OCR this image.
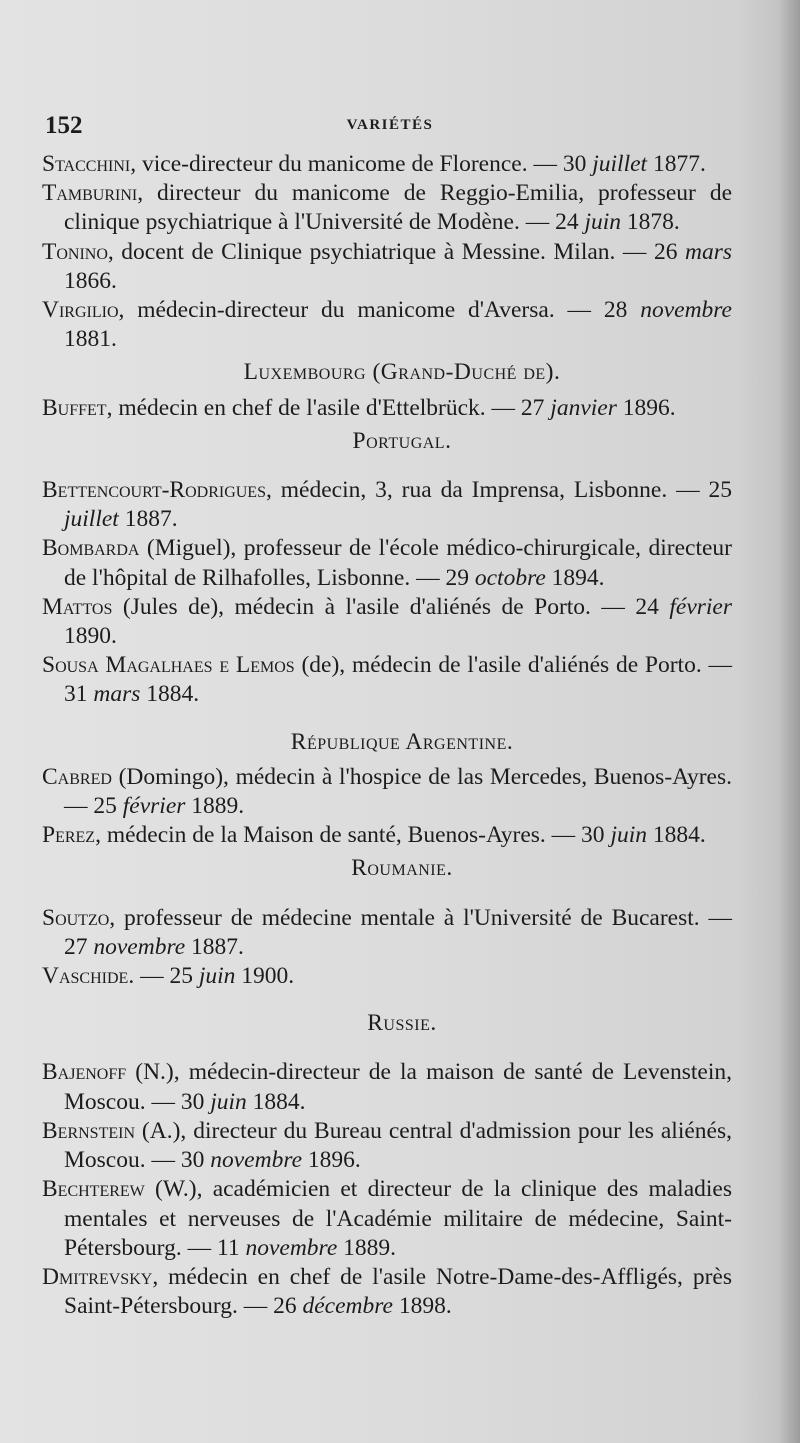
152	VARIÉTÉS
Stacchini, vice-directeur du manicome de Florence. — 30 juillet 1877.
Tamburini, directeur du manicome de Reggio-Emilia, professeur de clinique psychiatrique à l'Université de Modène. — 24 juin 1878.
Tonino, docent de Clinique psychiatrique à Messine. Milan. — 26 mars 1866.
Virgilio, médecin-directeur du manicome d'Aversa. — 28 novembre 1881.
Luxembourg (Grand-Duché de).
Buffet, médecin en chef de l'asile d'Ettelbrück. — 27 janvier 1896.
Portugal.
Bettencourt-Rodrigues, médecin, 3, rua da Imprensa, Lisbonne. — 25 juillet 1887.
Bombarda (Miguel), professeur de l'école médico-chirurgicale, directeur de l'hôpital de Rilhafolles, Lisbonne. — 29 octobre 1894.
Mattos (Jules de), médecin à l'asile d'aliénés de Porto. — 24 février 1890.
Sousa Magalhaes e Lemos (de), médecin de l'asile d'aliénés de Porto. — 31 mars 1884.
République Argentine.
Cabred (Domingo), médecin à l'hospice de las Mercedes, Buenos-Ayres. — 25 février 1889.
Perez, médecin de la Maison de santé, Buenos-Ayres. — 30 juin 1884.
Roumanie.
Soutzo, professeur de médecine mentale à l'Université de Bucarest. — 27 novembre 1887.
Vaschide. — 25 juin 1900.
Russie.
Bajenoff (N.), médecin-directeur de la maison de santé de Levenstein, Moscou. — 30 juin 1884.
Bernstein (A.), directeur du Bureau central d'admission pour les aliénés, Moscou. — 30 novembre 1896.
Bechterew (W.), académicien et directeur de la clinique des maladies mentales et nerveuses de l'Académie militaire de médecine, Saint-Pétersbourg. — 11 novembre 1889.
Dmitrevsky, médecin en chef de l'asile Notre-Dame-des-Affligés, près Saint-Pétersbourg. — 26 décembre 1898.
